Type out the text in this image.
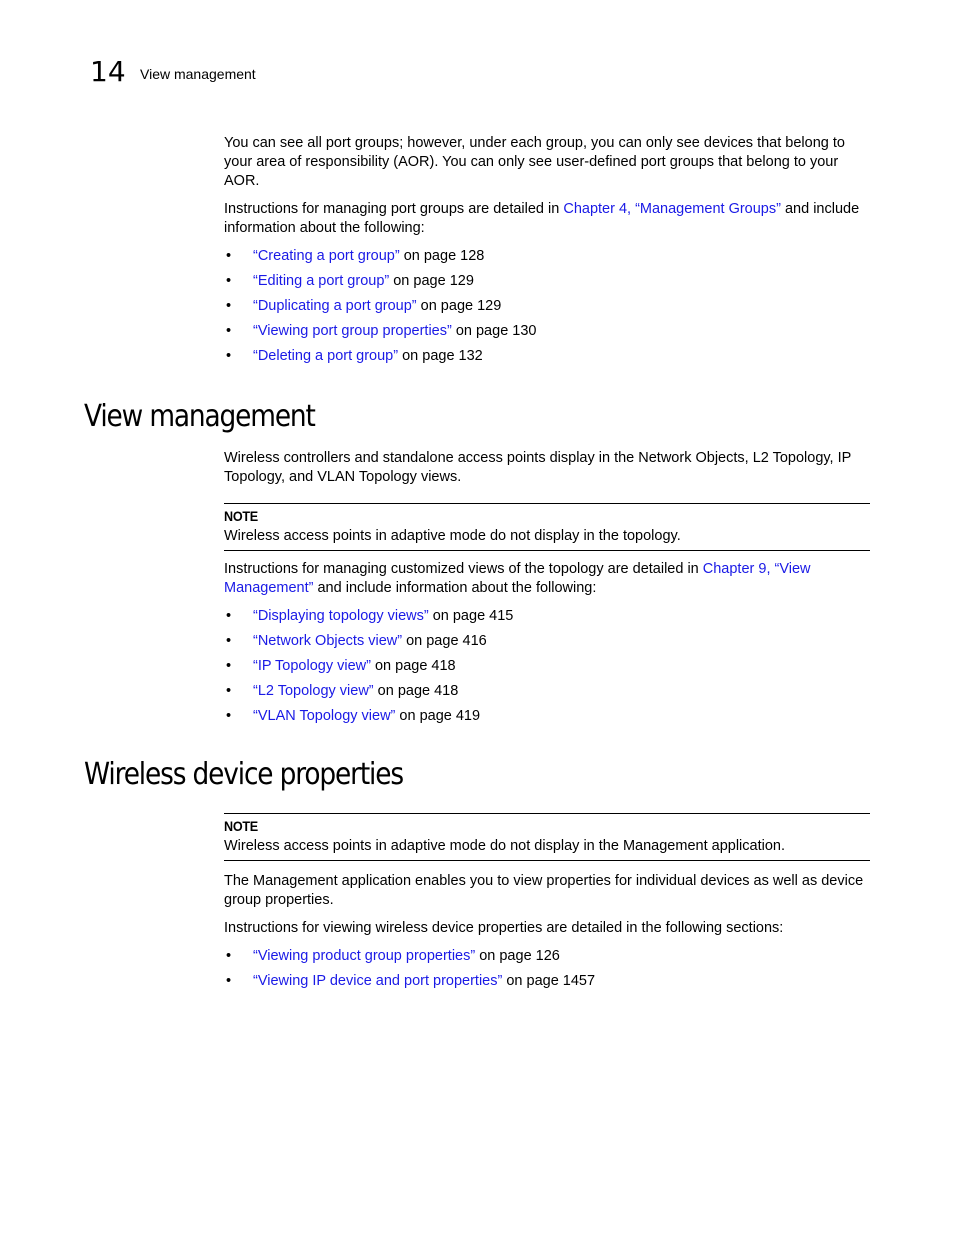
14 View management

You can see all port groups; however, under each group, you can only see devices that belong to your area of responsibility (AOR). You can only see user-defined port groups that belong to your AOR.

Instructions for managing port groups are detailed in Chapter 4, “Management Groups” and include information about the following:

• “Creating a port group” on page 128
• “Editing a port group” on page 129
• “Duplicating a port group” on page 129
• “Viewing port group properties” on page 130
• “Deleting a port group” on page 132
View management

Wireless controllers and standalone access points display in the Network Objects, L2 Topology, IP Topology, and VLAN Topology views.

NOTE
Wireless access points in adaptive mode do not display in the topology.

Instructions for managing customized views of the topology are detailed in Chapter 9, “View Management” and include information about the following:

• “Displaying topology views” on page 415
• “Network Objects view” on page 416
• “IP Topology view” on page 418
• “L2 Topology view” on page 418
• “VLAN Topology view” on page 419
Wireless device properties
NOTE
Wireless access points in adaptive mode do not display in the Management application.

The Management application enables you to view properties for individual devices as well as device group properties.

Instructions for viewing wireless device properties are detailed in the following sections:

• “Viewing product group properties” on page 126
• “Viewing IP device and port properties” on page 1457
